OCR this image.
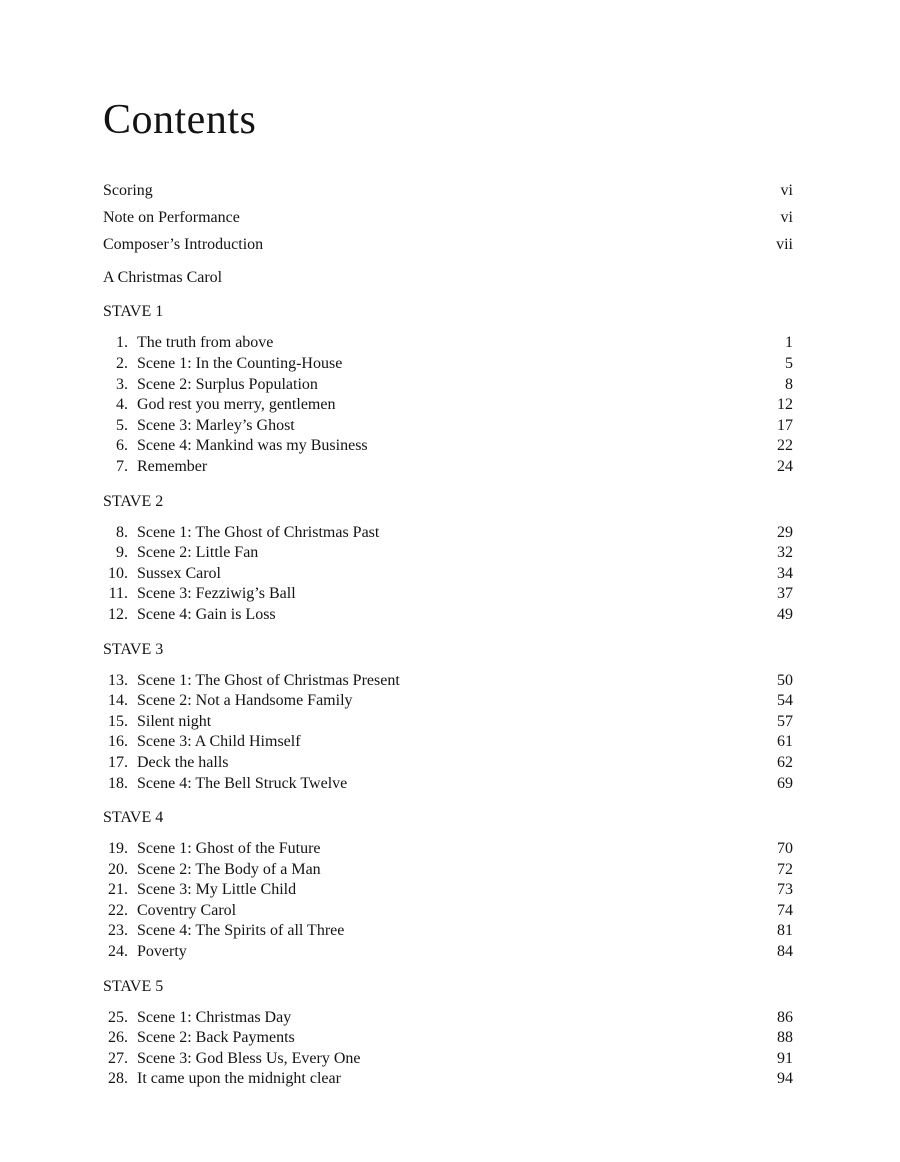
Contents
Scoring	vi
Note on Performance	vi
Composer’s Introduction	vii
A Christmas Carol
STAVE 1
1. The truth from above	1
2. Scene 1: In the Counting-House	5
3. Scene 2: Surplus Population	8
4. God rest you merry, gentlemen	12
5. Scene 3: Marley’s Ghost	17
6. Scene 4: Mankind was my Business	22
7. Remember	24
STAVE 2
8. Scene 1: The Ghost of Christmas Past	29
9. Scene 2: Little Fan	32
10. Sussex Carol	34
11. Scene 3: Fezziwig’s Ball	37
12. Scene 4: Gain is Loss	49
STAVE 3
13. Scene 1: The Ghost of Christmas Present	50
14. Scene 2: Not a Handsome Family	54
15. Silent night	57
16. Scene 3: A Child Himself	61
17. Deck the halls	62
18. Scene 4: The Bell Struck Twelve	69
STAVE 4
19. Scene 1: Ghost of the Future	70
20. Scene 2: The Body of a Man	72
21. Scene 3: My Little Child	73
22. Coventry Carol	74
23. Scene 4: The Spirits of all Three	81
24. Poverty	84
STAVE 5
25. Scene 1: Christmas Day	86
26. Scene 2: Back Payments	88
27. Scene 3: God Bless Us, Every One	91
28. It came upon the midnight clear	94
